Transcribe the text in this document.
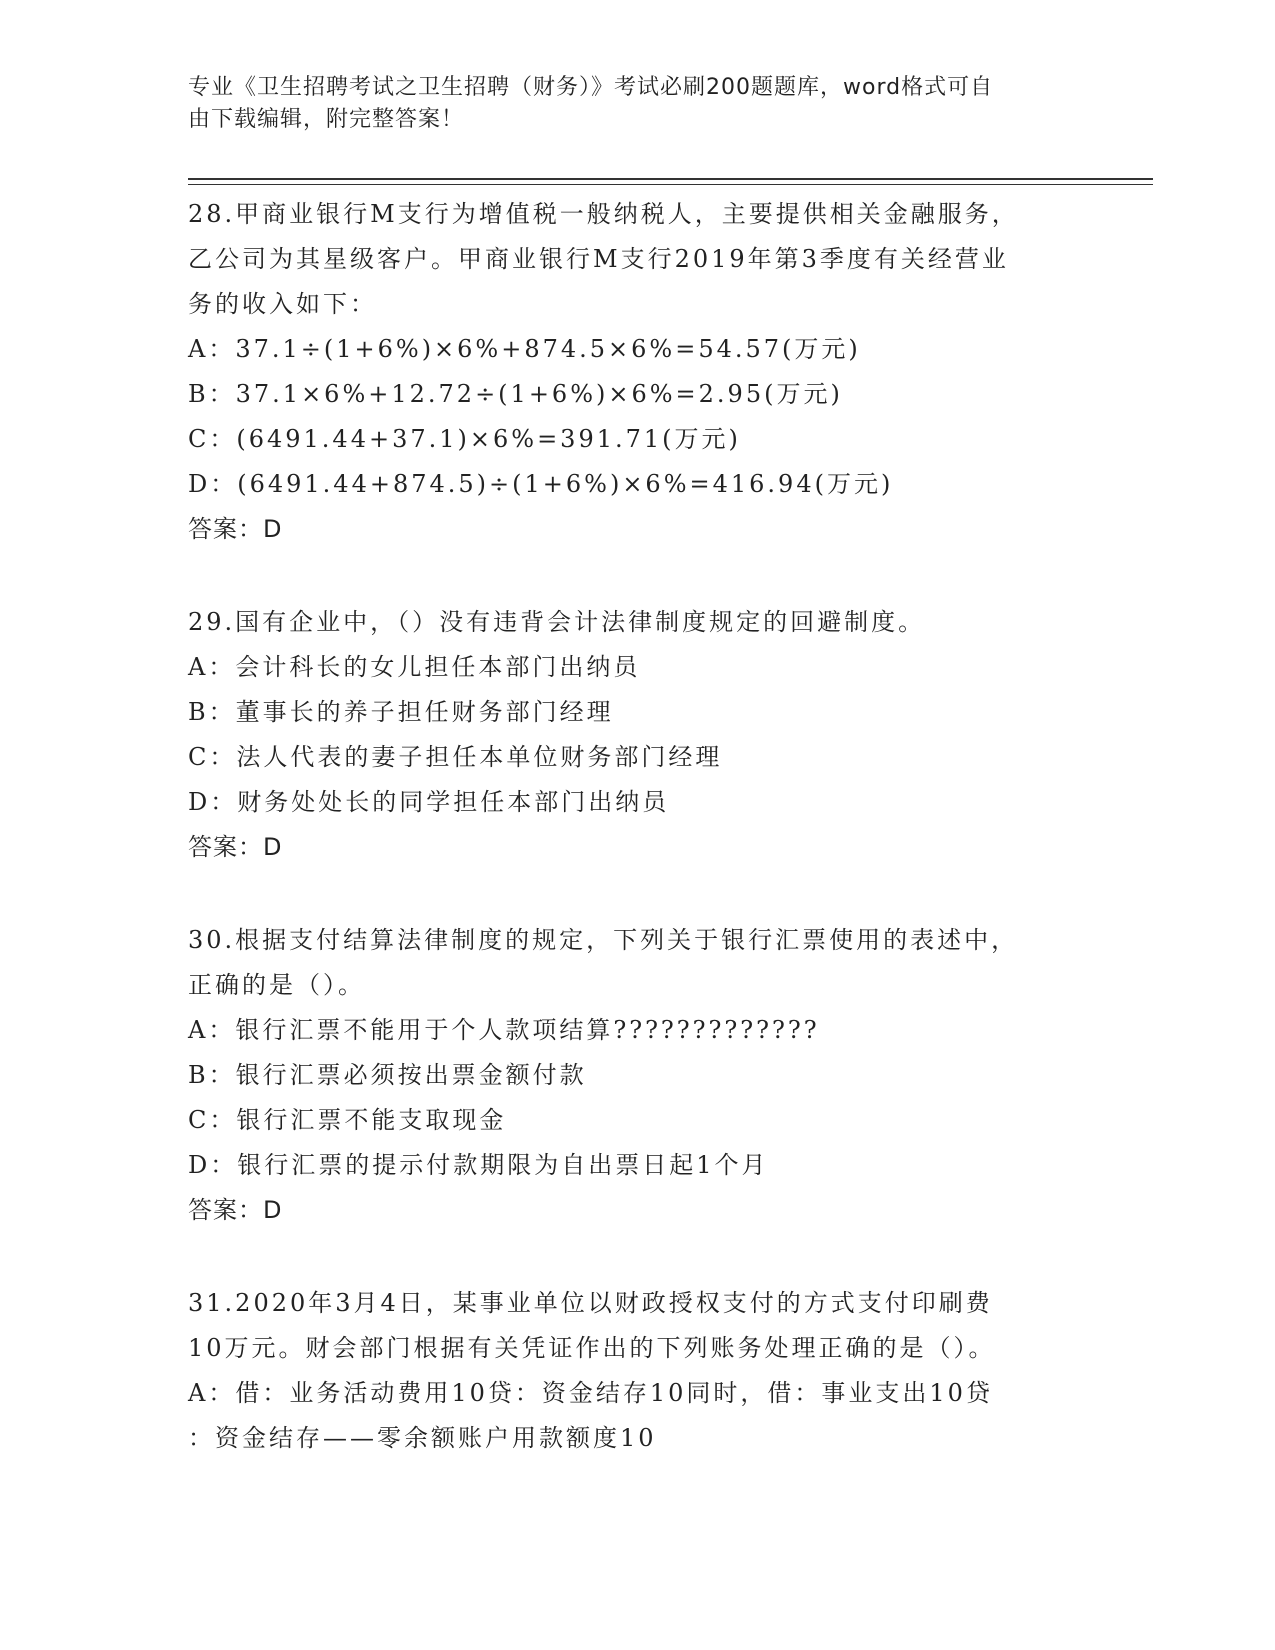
专业《卫生招聘考试之卫生招聘（财务）》考试必刷200题题库，word格式可自
由下载编辑，附完整答案！

28.甲商业银行M支行为增值税一般纳税人，主要提供相关金融服务，

乙公司为其星级客户。甲商业银行M支行2019年第3季度有关经营业

务的收入如下：

A：37.1÷(1+6%)×6%+874.5×6%=54.57(万元)

B：37.1×6%+12.72÷(1+6%)×6%=2.95(万元)

C：(6491.44+37.1)×6%=391.71(万元)

D：(6491.44+874.5)÷(1+6%)×6%=416.94(万元)

答案：D

29.国有企业中，（）没有违背会计法律制度规定的回避制度。

A：会计科长的女儿担任本部门出纳员

B：董事长的养子担任财务部门经理

C：法人代表的妻子担任本单位财务部门经理

D：财务处处长的同学担任本部门出纳员

答案：D

30.根据支付结算法律制度的规定，下列关于银行汇票使用的表述中，

正确的是（）。

A：银行汇票不能用于个人款项结算?????????????

B：银行汇票必须按出票金额付款

C：银行汇票不能支取现金

D：银行汇票的提示付款期限为自出票日起1个月

答案：D

31.2020年3月4日，某事业单位以财政授权支付的方式支付印刷费

10万元。财会部门根据有关凭证作出的下列账务处理正确的是（）。

A：借：业务活动费用10贷：资金结存10同时，借：事业支出10贷

：资金结存——零余额账户用款额度10
